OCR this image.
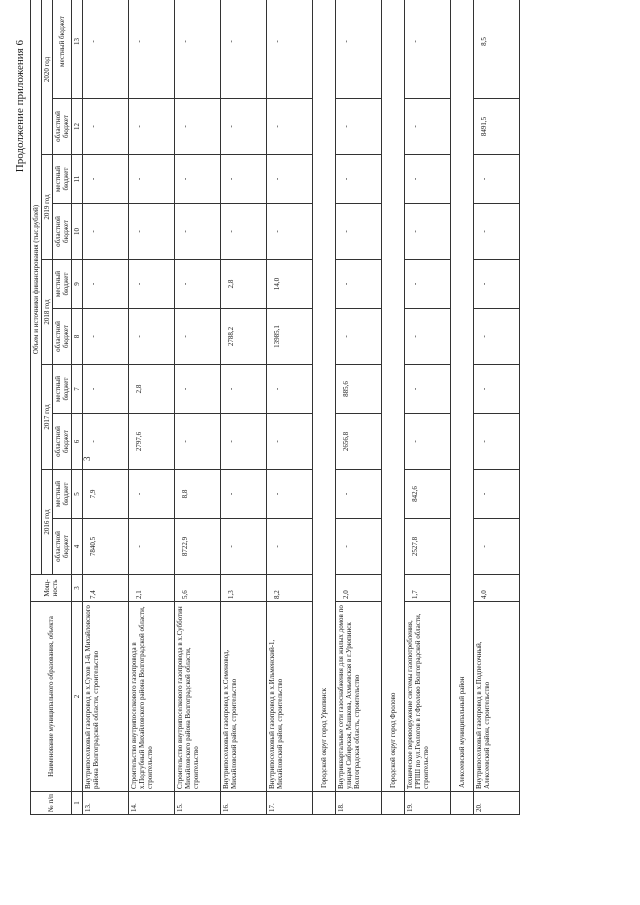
3
Продолжение приложения 6
№ п/п	Наименование муниципального образования, объекта	Мощ-ность	Объем и источники финансирования (тыс.рублей)									
			2016 год		2017 год		2018 год		2019 год		2020 год	
			областной бюджет	местный бюджет	областной бюджет	местный бюджет	областной бюджет	местный бюджет	областной бюджет	местный бюджет	областной бюджет	местный бюджет
1	2	3	4	5	6	7	8	9	10	11	12	13
13.	Внутрипоселковый газопровод в х.Сухов 1-й, Михайловского района Волгоградской области, строительство	7,4	7840,5	7,9	-	-	-	-	-	-	-	-
14.	Строительство внутрипоселкового газопровода в х.Подгубный Михайловского района Волгоградской области, строительство	2,1	-	-	2797,6	2,8	-	-	-	-	-	-
15.	Строительство внутрипоселкового газопровода в х.Субботин Михайловского района Волгоградской области, строительство	5,6	8722,9	8,8	-	-	-	-	-	-	-	-
16.	Внутрипоселковый газопровод в х.Семеновод, Михайловский район, строительство	1,3	-	-	-	-	2788,2	2,8	-	-	-	-
17.	Внутрипоселковый газопровод в х.Ильменский-1, Михайловский район, строительство	8,2	-	-	-	-	13985,1	14,0	-	-	-	-
	Городской округ город Урюпинск											
18.	Внутриквартальные сети газоснабжения для жилых домов по улицам Сибирская, Машкова, Ахмьевская в г.Урюпинск Волгоградская область, строительство	2,0	-	-	2656,8	885,6	-	-	-	-	-	-
	Городской округ город Фролово											
19.	Техническое перевооружение системы газопотребления, ГРПШ по ул.Геологов в г.Фролово Волгоградской области, строительство	1,7	2527,8	842,6	-	-	-	-	-	-	-	-
	Алексеевский муниципальный район											
20.	Внутрипоселковый газопровод в х.Подпесочный, Алексеевский район, строительство	4,0	-	-	-	-	-	-	-	-	8491,5	8,5
